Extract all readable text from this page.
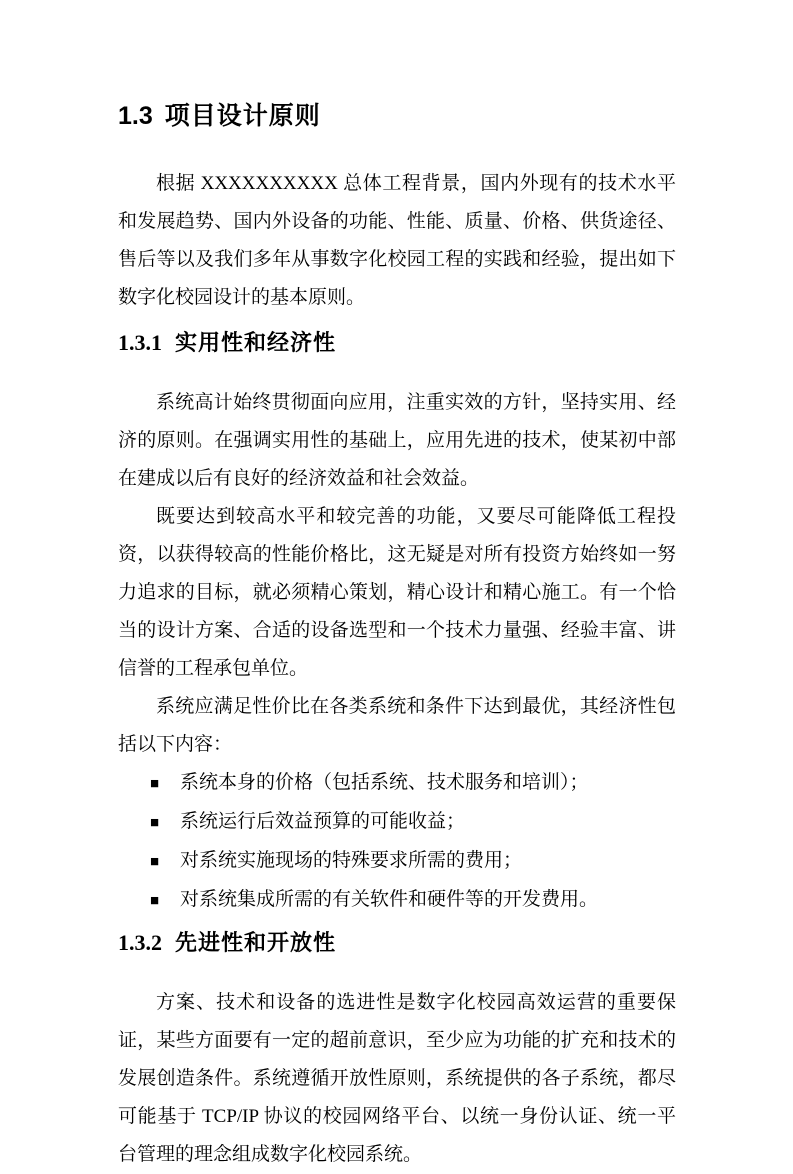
1.3 项目设计原则

根据 XXXXXXXXXX 总体工程背景，国内外现有的技术水平和发展趋势、国内外设备的功能、性能、质量、价格、供货途径、售后等以及我们多年从事数字化校园工程的实践和经验，提出如下数字化校园设计的基本原则。

1.3.1 实用性和经济性

系统高计始终贯彻面向应用，注重实效的方针，坚持实用、经济的原则。在强调实用性的基础上，应用先进的技术，使某初中部在建成以后有良好的经济效益和社会效益。

既要达到较高水平和较完善的功能，又要尽可能降低工程投资，以获得较高的性能价格比，这无疑是对所有投资方始终如一努力追求的目标，就必须精心策划，精心设计和精心施工。有一个恰当的设计方案、合适的设备选型和一个技术力量强、经验丰富、讲信誉的工程承包单位。

系统应满足性价比在各类系统和条件下达到最优，其经济性包括以下内容：

■	系统本身的价格（包括系统、技术服务和培训）；
■	系统运行后效益预算的可能收益；
■	对系统实施现场的特殊要求所需的费用；
■	对系统集成所需的有关软件和硬件等的开发费用。
1.3.2 先进性和开放性

方案、技术和设备的选进性是数字化校园高效运营的重要保证，某些方面要有一定的超前意识，至少应为功能的扩充和技术的发展创造条件。系统遵循开放性原则，系统提供的各子系统，都尽可能基于 TCP/IP 协议的校园网络平台、以统一身份认证、统一平台管理的理念组成数字化校园系统。
